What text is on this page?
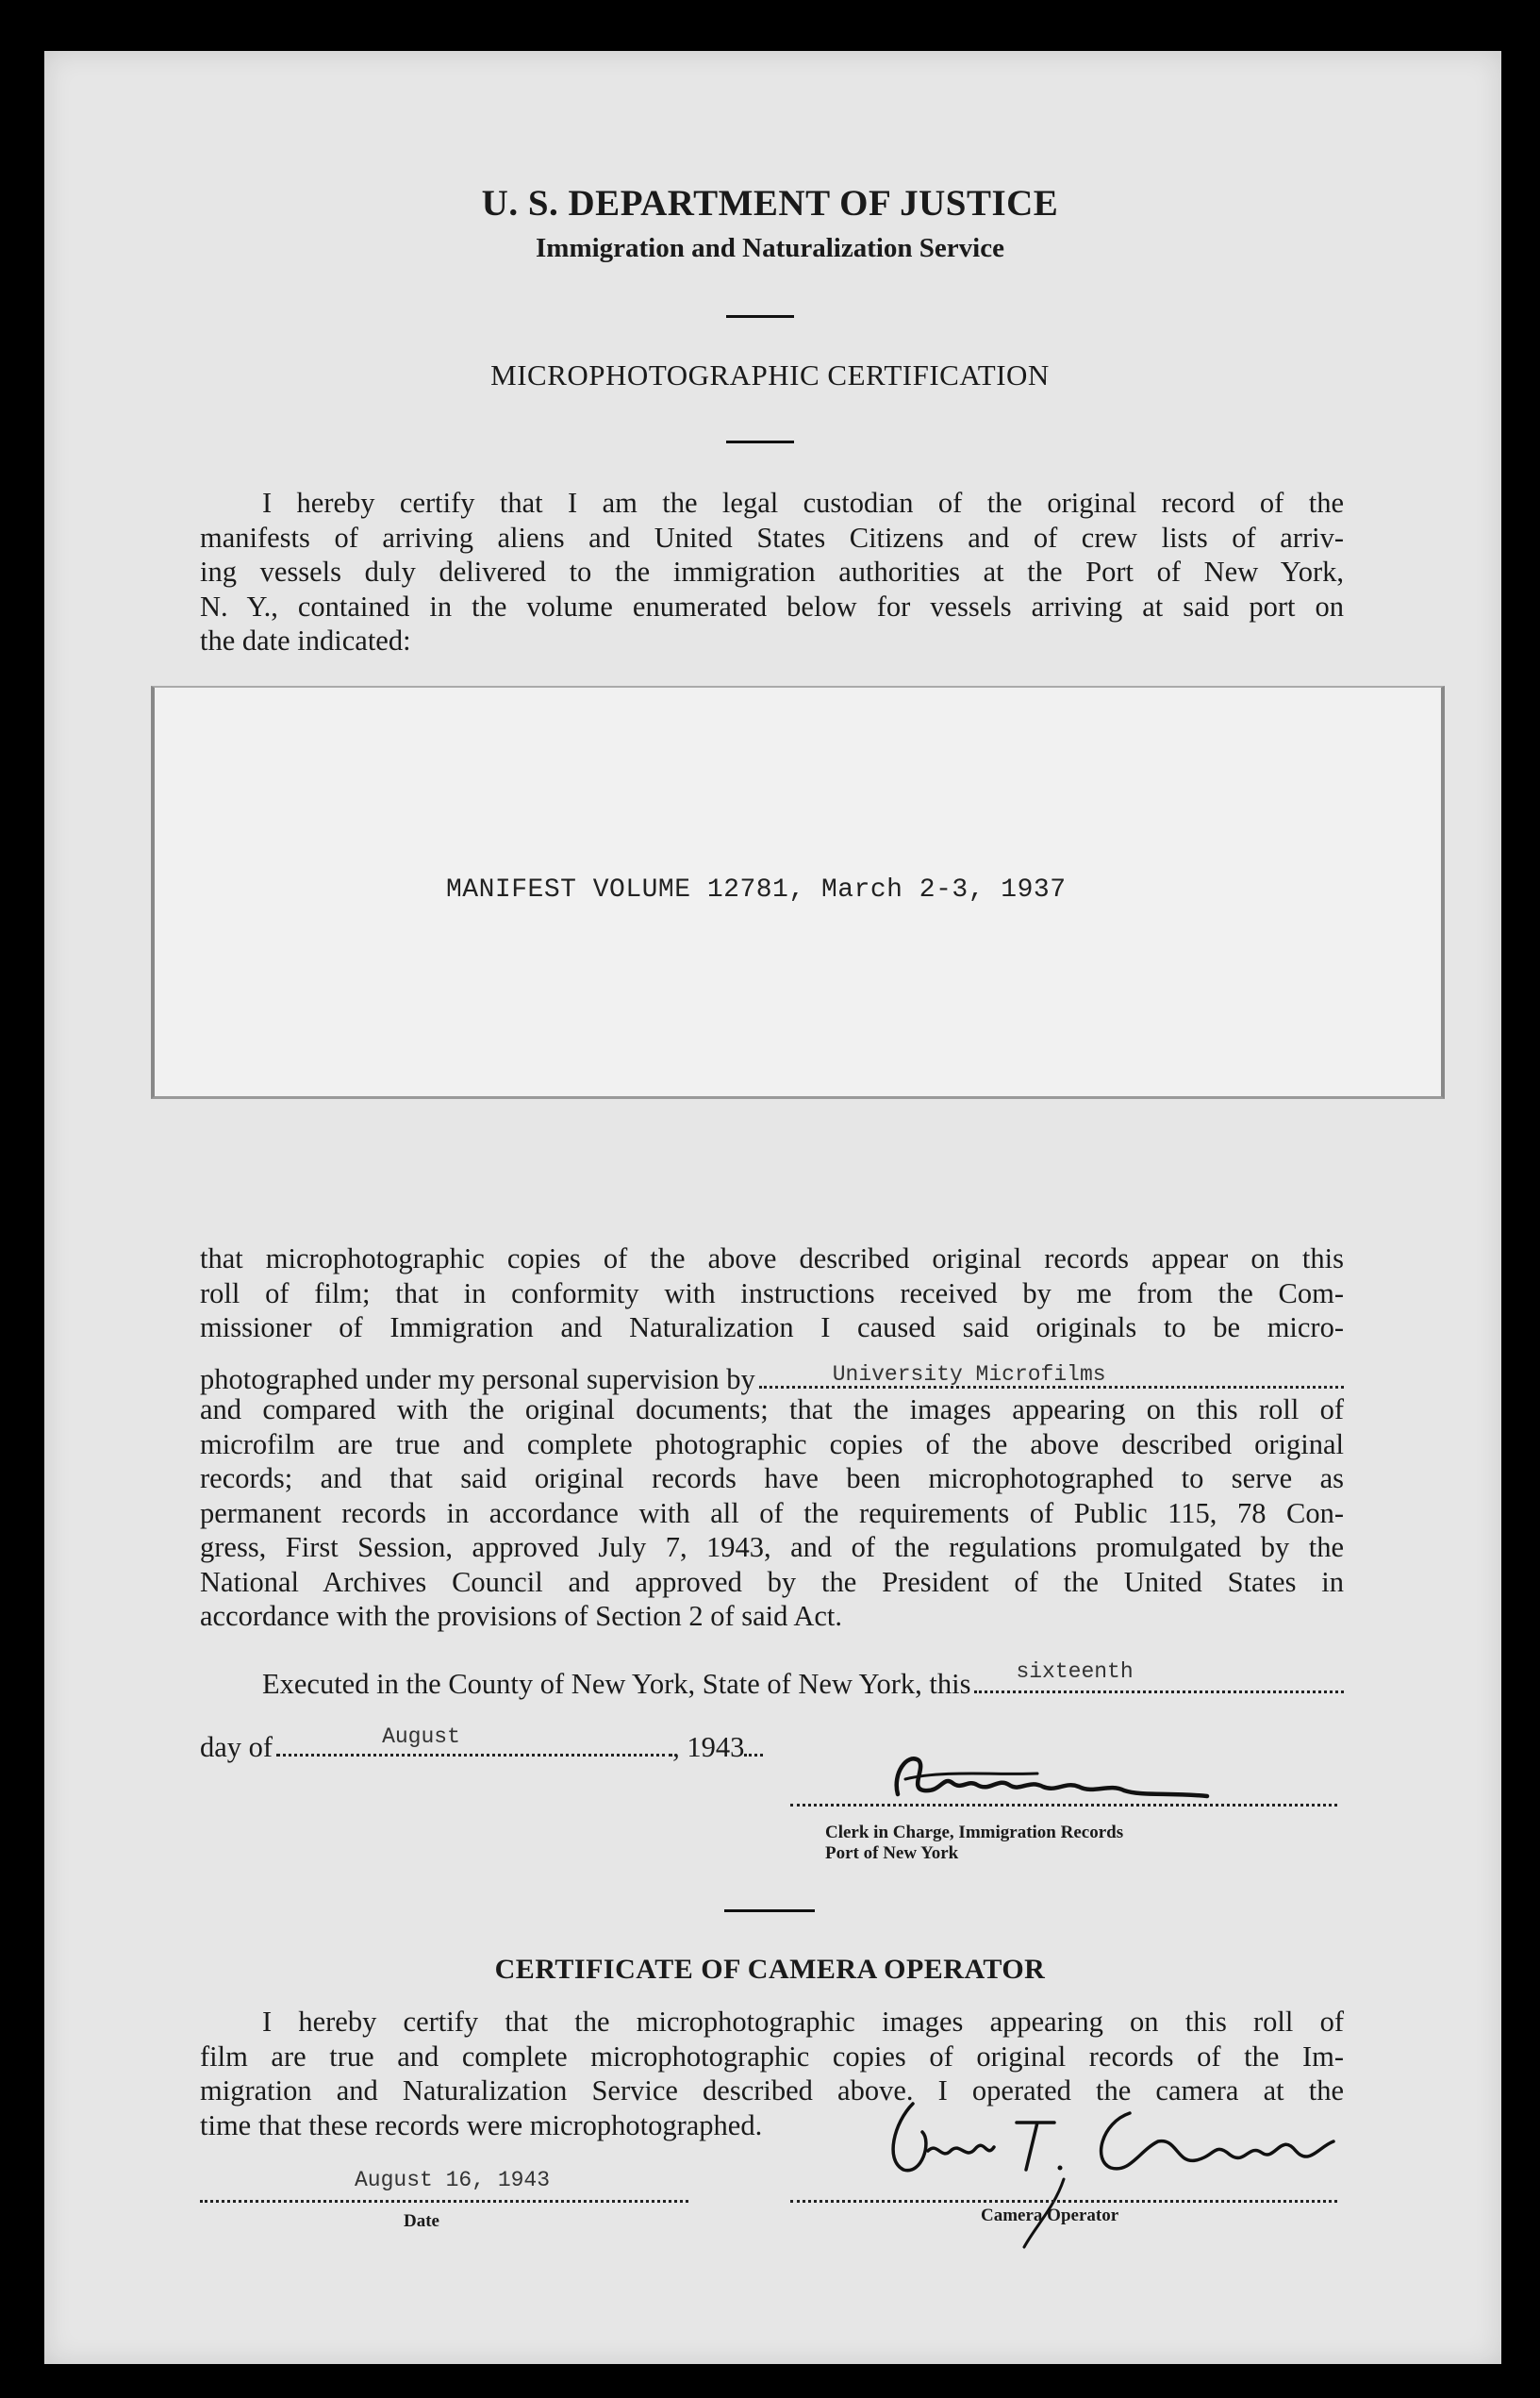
U. S. DEPARTMENT OF JUSTICE
Immigration and Naturalization Service
MICROPHOTOGRAPHIC CERTIFICATION
I hereby certify that I am the legal custodian of the original record of the
manifests of arriving aliens and United States Citizens and of crew lists of arriv-
ing vessels duly delivered to the immigration authorities at the Port of New York,
N. Y., contained in the volume enumerated below for vessels arriving at said port on
the date indicated:
MANIFEST VOLUME 12781, March 2-3, 1937
that microphotographic copies of the above described original records appear on this
roll of film; that in conformity with instructions received by me from the Com-
missioner of Immigration and Naturalization I caused said originals to be micro-
photographed under my personal supervision by	University Microfilms
and compared with the original documents; that the images appearing on this roll of
microfilm are true and complete photographic copies of the above described original
records; and that said original records have been microphotographed to serve as
permanent records in accordance with all of the requirements of Public 115, 78 Con-
gress, First Session, approved July 7, 1943, and of the regulations promulgated by the
National Archives Council and approved by the President of the United States in
accordance with the provisions of Section 2 of said Act.
Executed in the County of New York, State of New York, this sixteenth
day of	August	, 1943
Clerk in Charge, Immigration Records
Port of New York
CERTIFICATE OF CAMERA OPERATOR
I hereby certify that the microphotographic images appearing on this roll of
film are true and complete microphotographic copies of original records of the Im-
migration and Naturalization Service described above. I operated the camera at the
time that these records were microphotographed.
August 16, 1943
Date	Camera Operator
